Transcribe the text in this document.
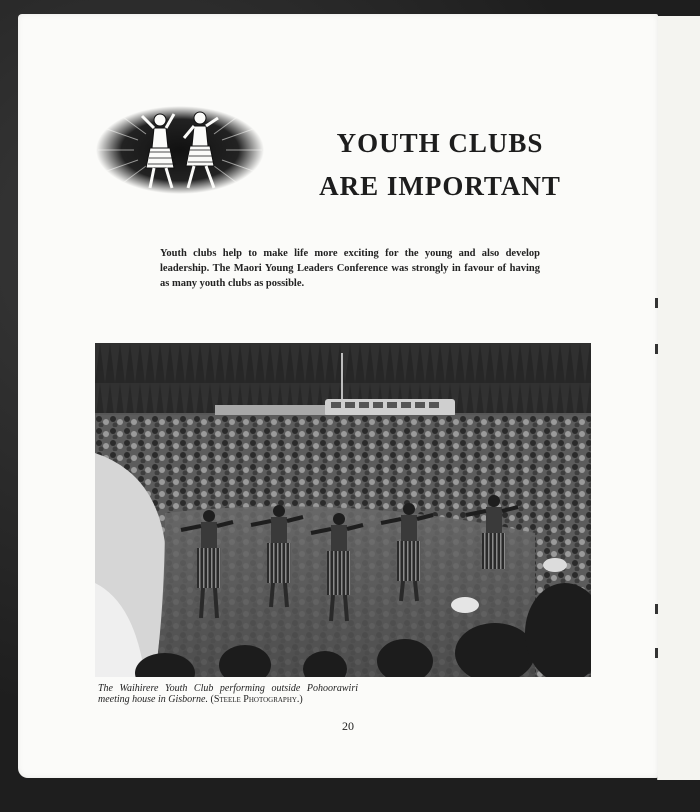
YOUTH CLUBS
ARE IMPORTANT

Youth clubs help to make life more exciting for the young and also develop leadership. The Maori Young Leaders Conference was strongly in favour of having as many youth clubs as possible.

The Waihirere Youth Club performing outside Pohoorawiri meeting house in Gisborne. (Steele Photography.)

20
